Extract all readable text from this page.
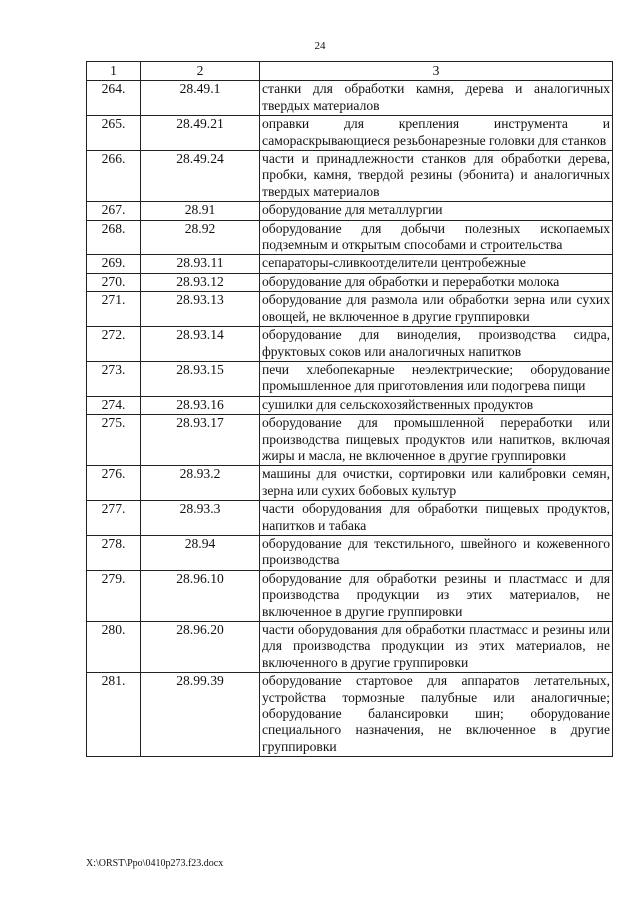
24
1	2	3
264.	28.49.1	станки для обработки камня, дерева и аналогичных твердых материалов
265.	28.49.21	оправки для крепления инструмента и самораскрывающиеся резьбонарезные головки для станков
266.	28.49.24	части и принадлежности станков для обработки дерева, пробки, камня, твердой резины (эбонита) и аналогичных твердых материалов
267.	28.91	оборудование для металлургии
268.	28.92	оборудование для добычи полезных ископаемых подземным и открытым способами и строительства
269.	28.93.11	сепараторы-сливкоотделители центробежные
270.	28.93.12	оборудование для обработки и переработки молока
271.	28.93.13	оборудование для размола или обработки зерна или сухих овощей, не включенное в другие группировки
272.	28.93.14	оборудование для виноделия, производства сидра, фруктовых соков или аналогичных напитков
273.	28.93.15	печи хлебопекарные неэлектрические; оборудование промышленное для приготовления или подогрева пищи
274.	28.93.16	сушилки для сельскохозяйственных продуктов
275.	28.93.17	оборудование для промышленной переработки или производства пищевых продуктов или напитков, включая жиры и масла, не включенное в другие группировки
276.	28.93.2	машины для очистки, сортировки или калибровки семян, зерна или сухих бобовых культур
277.	28.93.3	части оборудования для обработки пищевых продуктов, напитков и табака
278.	28.94	оборудование для текстильного, швейного и кожевенного производства
279.	28.96.10	оборудование для обработки резины и пластмасс и для производства продукции из этих материалов, не включенное в другие группировки
280.	28.96.20	части оборудования для обработки пластмасс и резины или для производства продукции из этих материалов, не включенного в другие группировки
281.	28.99.39	оборудование стартовое для аппаратов летательных, устройства тормозные палубные или аналогичные; оборудование балансировки шин; оборудование специального назначения, не включенное в другие группировки
X:\ORST\Ppo\0410p273.f23.docx
